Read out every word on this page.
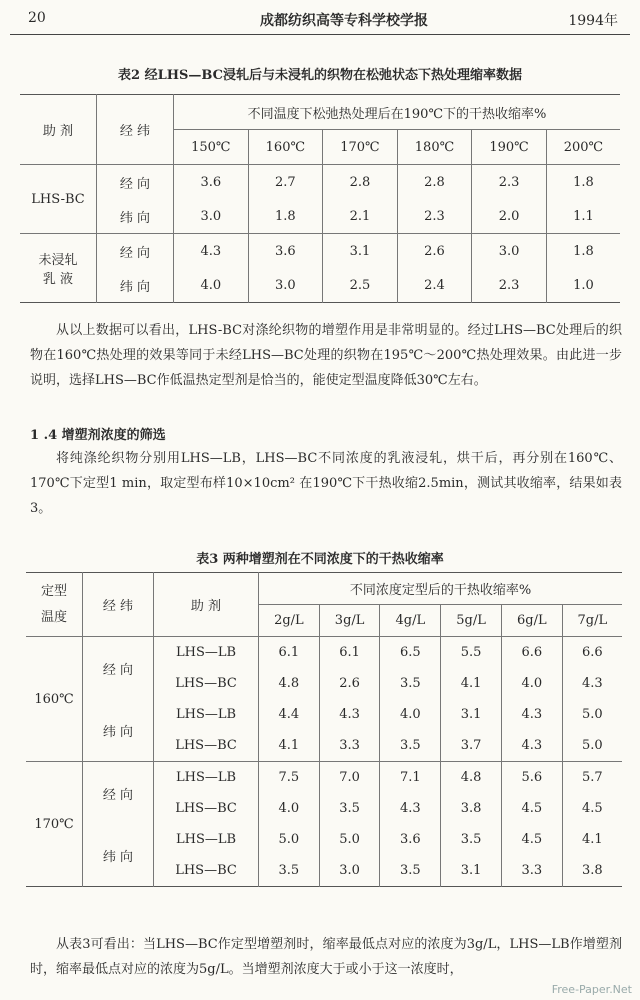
20	成都纺织高等专科学校学报	1994年
表2 经LHS—BC浸轧后与未浸轧的织物在松弛状态下热处理缩率数据
助 剂	经 纬	不同温度下松弛热处理后在190℃下的干热收缩率%					
		150℃	160℃	170℃	180℃	190℃	200℃
LHS-BC	经 向	3.6	2.7	2.8	2.8	2.3	1.8
	纬 向	3.0	1.8	2.1	2.3	2.0	1.1
未浸轧
乳 液	经 向	4.3	3.6	3.1	2.6	3.0	1.8
	纬 向	4.0	3.0	2.5	2.4	2.3	1.0

从以上数据可以看出，LHS-BC对涤纶织物的增塑作用是非常明显的。经过LHS—BC处理后的织物在160℃热处理的效果等同于未经LHS—BC处理的织物在195℃～200℃热处理效果。由此进一步说明，选择LHS—BC作低温热定型剂是恰当的，能使定型温度降低30℃左右。

1 .4 增塑剂浓度的筛选

将纯涤纶织物分别用LHS—LB，LHS—BC不同浓度的乳液浸轧，烘干后，再分别在160℃、170℃下定型1 min，取定型布样10×10cm² 在190℃下干热收缩2.5min，测试其收缩率，结果如表3。

表3 两种增塑剂在不同浓度下的干热收缩率
定型
温度	经 纬	助 剂	不同浓度定型后的干热收缩率%					
			2g/L	3g/L	4g/L	5g/L	6g/L	7g/L
160℃	经 向	LHS—LB	6.1	6.1	6.5	5.5	6.6	6.6
		LHS—BC	4.8	2.6	3.5	4.1	4.0	4.3
	纬 向	LHS—LB	4.4	4.3	4.0	3.1	4.3	5.0
		LHS—BC	4.1	3.3	3.5	3.7	4.3	5.0
170℃	经 向	LHS—LB	7.5	7.0	7.1	4.8	5.6	5.7
		LHS—BC	4.0	3.5	4.3	3.8	4.5	4.5
	纬 向	LHS—LB	5.0	5.0	3.6	3.5	4.5	4.1
		LHS—BC	3.5	3.0	3.5	3.1	3.3	3.8

从表3可看出：当LHS—BC作定型增塑剂时，缩率最低点对应的浓度为3g/L，LHS—LB作增塑剂时，缩率最低点对应的浓度为5g/L。当增塑剂浓度大于或小于这一浓度时，

Free-Paper.Net
